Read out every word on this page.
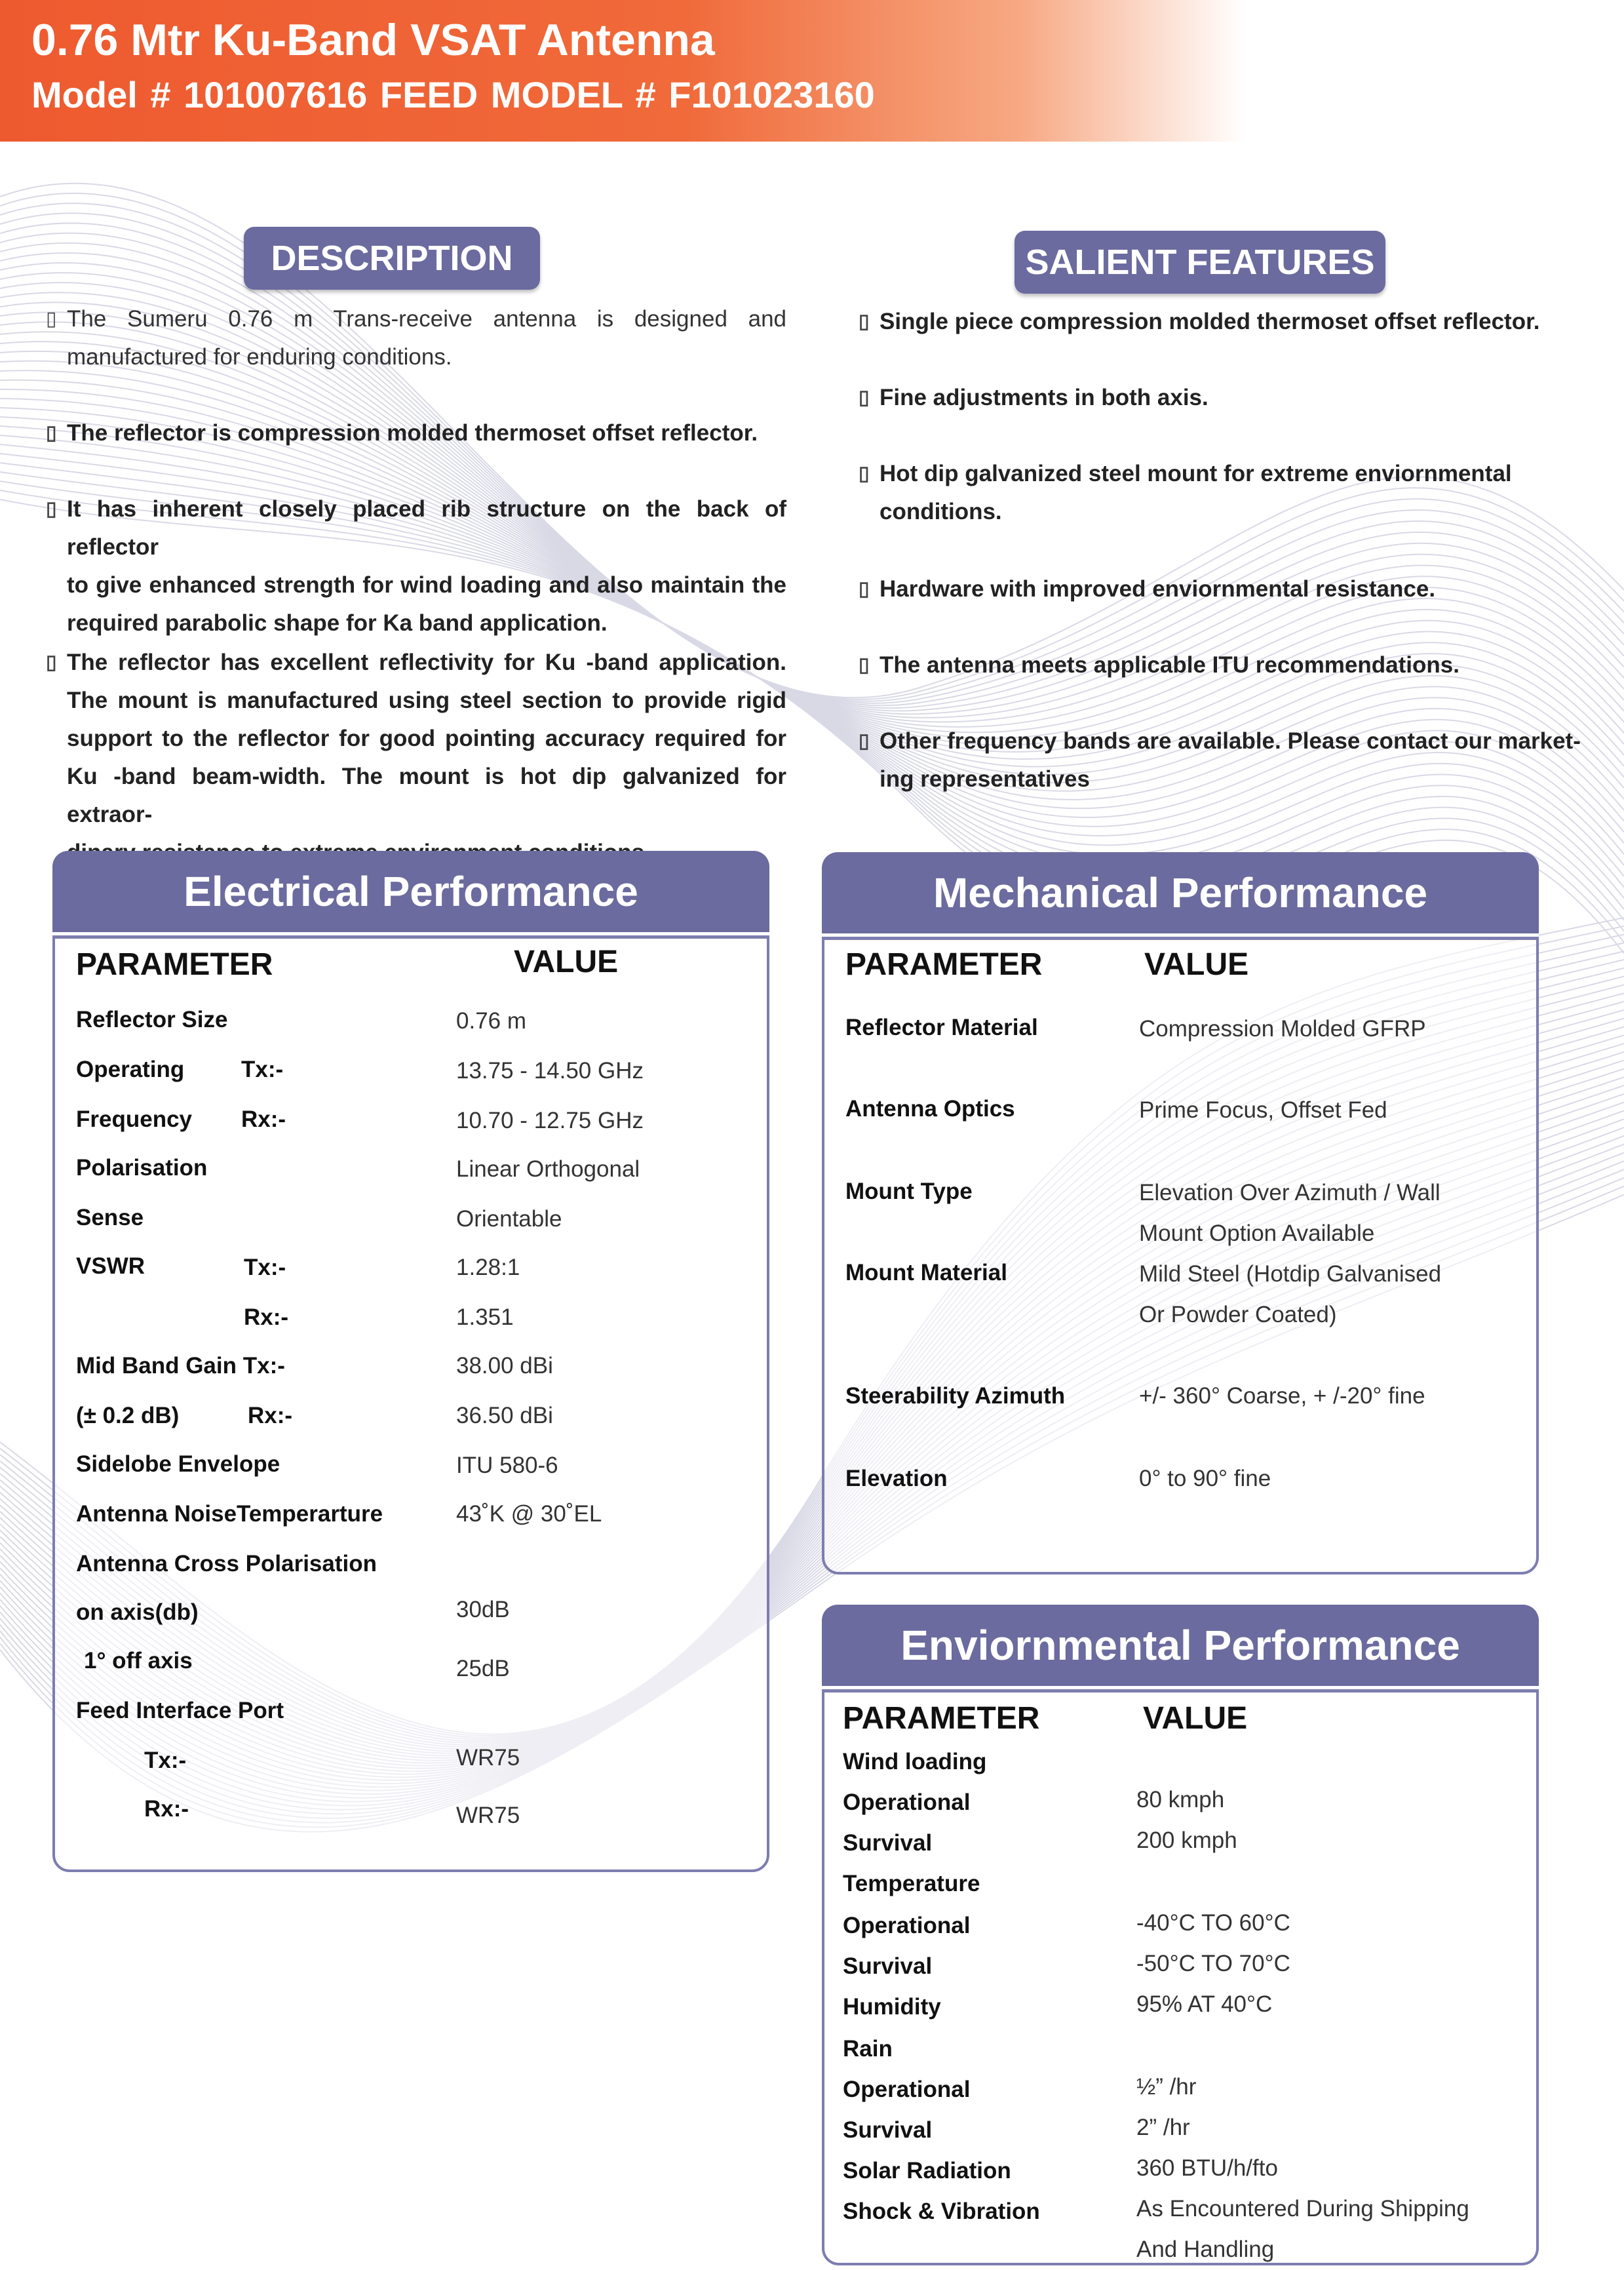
0.76 Mtr Ku-Band VSAT Antenna
Model # 101007616 FEED MODEL # F101023160
DESCRIPTION
▯ The Sumeru 0.76 m Trans-receive antenna is designed and
manufactured for enduring conditions.
▯ The reflector is compression molded thermoset offset reflector.
▯ It has inherent closely placed rib structure on the back of reflector
to give enhanced strength for wind loading and also maintain the
required parabolic shape for Ka band application.
▯ The reflector has excellent reflectivity for Ku -band application.
The mount is manufactured using steel section to provide rigid
support to the reflector for good pointing accuracy required for
Ku -band beam-width. The mount is hot dip galvanized for extraor-
SALIENT FEATURES
▯ Single piece compression molded thermoset offset reflector.
▯ Fine adjustments in both axis.
▯ Hot dip galvanized steel mount for extreme enviornmental
conditions.
▯ Hardware with improved enviornmental resistance.
▯ The antenna meets applicable ITU recommendations.
▯ Other frequency bands are available. Please contact our market-
ing representatives
Electrical Performance
PARAMETER	VALUE
Reflector Size	0.76 m
Operating Tx:-	13.75 - 14.50 GHz
Frequency Rx:-	10.70 - 12.75 GHz
Polarisation	Linear Orthogonal
Sense	Orientable
VSWR	Tx:-	1.28:1
Rx:-	1.351
Mid Band Gain Tx:-	38.00 dBi
(± 0.2 dB)	Rx:-	36.50 dBi
Sidelobe Envelope	ITU 580-6
Antenna NoiseTemperarture	43˚K @ 30˚EL
Antenna Cross Polarisation
on axis(db)	30dB
1° off axis	25dB
Feed Interface Port
Tx:-	WR75
Rx:-	WR75
Mechanical Performance
PARAMETER	VALUE
Reflector Material	Compression Molded GFRP
Antenna Optics	Prime Focus, Offset Fed
Mount Type	Elevation Over Azimuth / Wall
Mount Option Available
Mount Material	Mild Steel (Hotdip Galvanised
Or Powder Coated)
Steerability Azimuth	+/- 360° Coarse, + /-20° fine
Elevation	0° to 90° fine
Enviornmental Performance
PARAMETER	VALUE
Wind loading
Operational	80 kmph
Survival	200 kmph
Temperature
Operational	-40°C TO 60°C
Survival	-50°C TO 70°C
Humidity	95% AT 40°C
Rain
Operational	½” /hr
Survival	2” /hr
Solar Radiation	360 BTU/h/fto
Shock & Vibration	As Encountered During Shipping
And Handling
